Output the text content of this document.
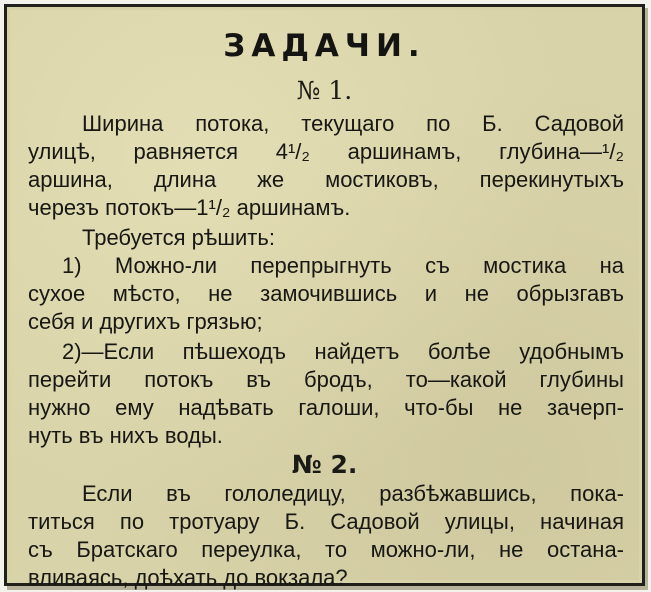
ЗАДАЧИ.
№ 1.
Ширина потока, текущаго по Б. Садовой
улицѣ, равняется 4¹/₂ аршинамъ, глубина—¹/₂
аршина, длина же мостиковъ, перекинутыхъ
черезъ потокъ—1¹/₂ аршинамъ.
Требуется рѣшить:
1) Можно-ли перепрыгнуть съ мостика на
сухое мѣсто, не замочившись и не обрызгавъ
себя и другихъ грязью;
2)—Если пѣшеходъ найдетъ болѣе удобнымъ
перейти потокъ въ бродъ, то—какой глубины
№ 2.
Если въ гололедицу, разбѣжавшись, пока-
титься по тротуару Б. Садовой улицы, начиная
съ Братскаго переулка, то можно-ли, не остана-
вливаясь, доѣхать до вокзала?
нужно ему надѣвать галоши, что-бы не зачерп-
нуть въ нихъ воды.
